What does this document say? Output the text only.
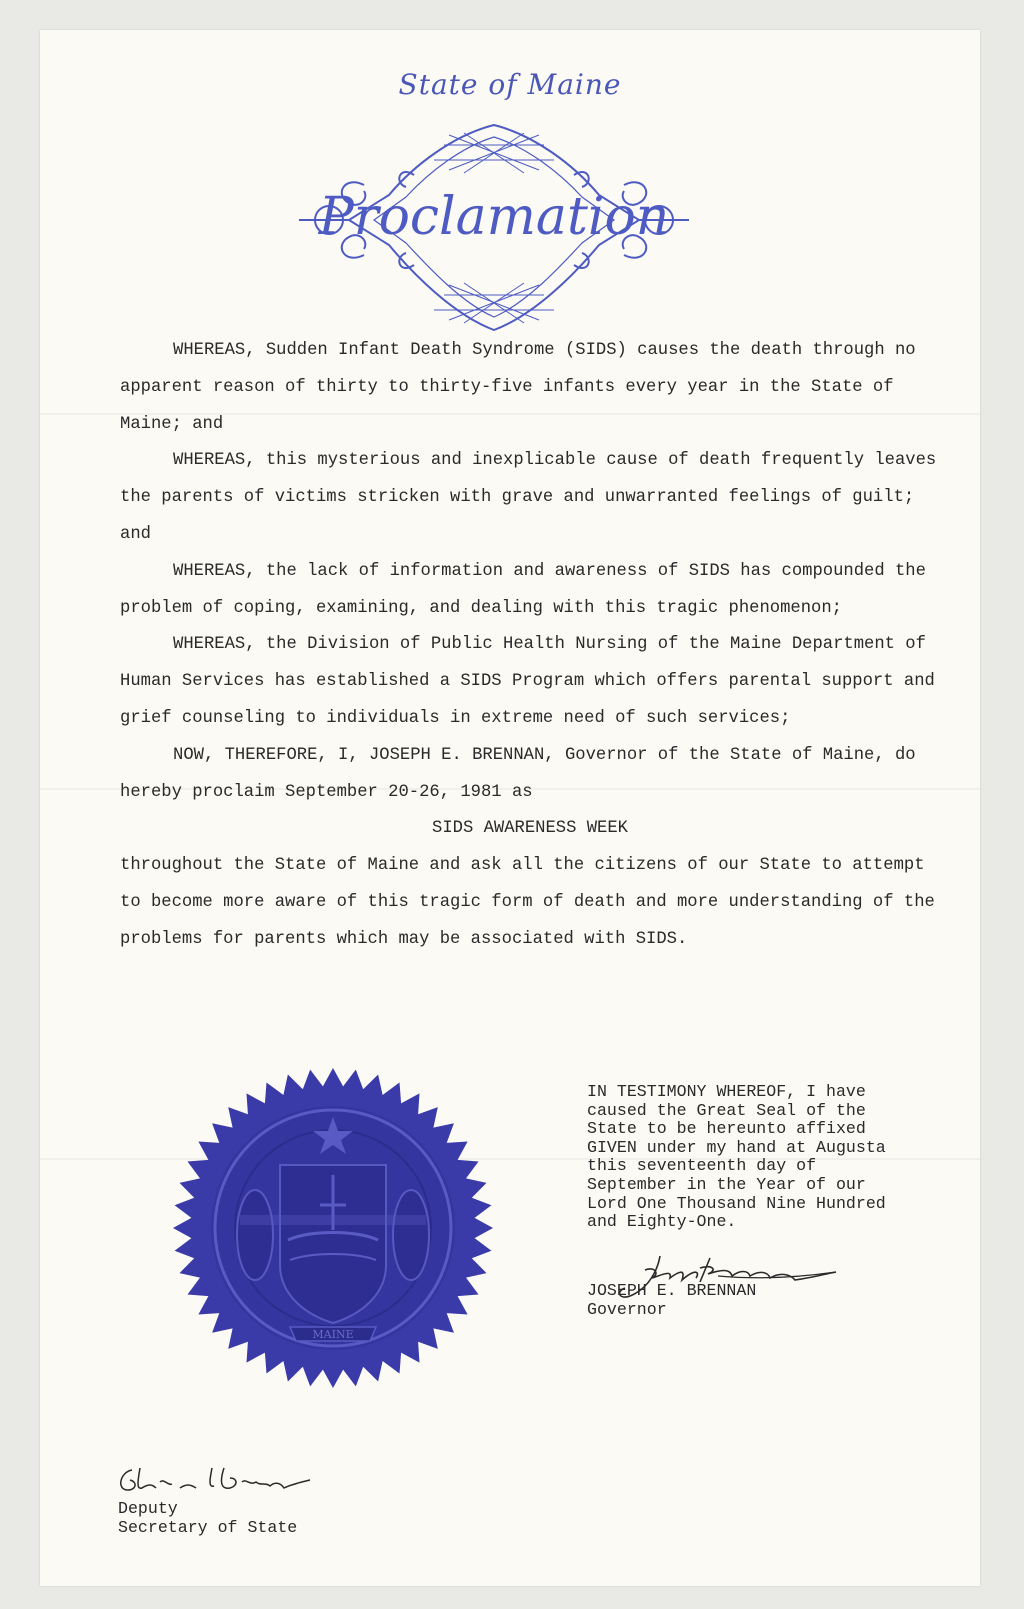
State of Maine
Proclamation

WHEREAS, Sudden Infant Death Syndrome (SIDS) causes the death through no apparent reason of thirty to thirty-five infants every year in the State of Maine; and

WHEREAS, this mysterious and inexplicable cause of death frequently leaves the parents of victims stricken with grave and unwarranted feelings of guilt; and

WHEREAS, the lack of information and awareness of SIDS has compounded the problem of coping, examining, and dealing with this tragic phenomenon;

WHEREAS, the Division of Public Health Nursing of the Maine Department of Human Services has established a SIDS Program which offers parental support and grief counseling to individuals in extreme need of such services;

NOW, THEREFORE, I, JOSEPH E. BRENNAN, Governor of the State of Maine, do hereby proclaim September 20-26, 1981 as

SIDS AWARENESS WEEK

throughout the State of Maine and ask all the citizens of our State to attempt to become more aware of this tragic form of death and more understanding of the problems for parents which may be associated with SIDS.

MAINE
IN TESTIMONY WHEREOF, I have
caused the Great Seal of the
State to be hereunto affixed
GIVEN under my hand at Augusta
this seventeenth day of
September in the Year of our
Lord One Thousand Nine Hundred
and Eighty-One.
JOSEPH E. BRENNAN
Governor
Deputy
Secretary of State
